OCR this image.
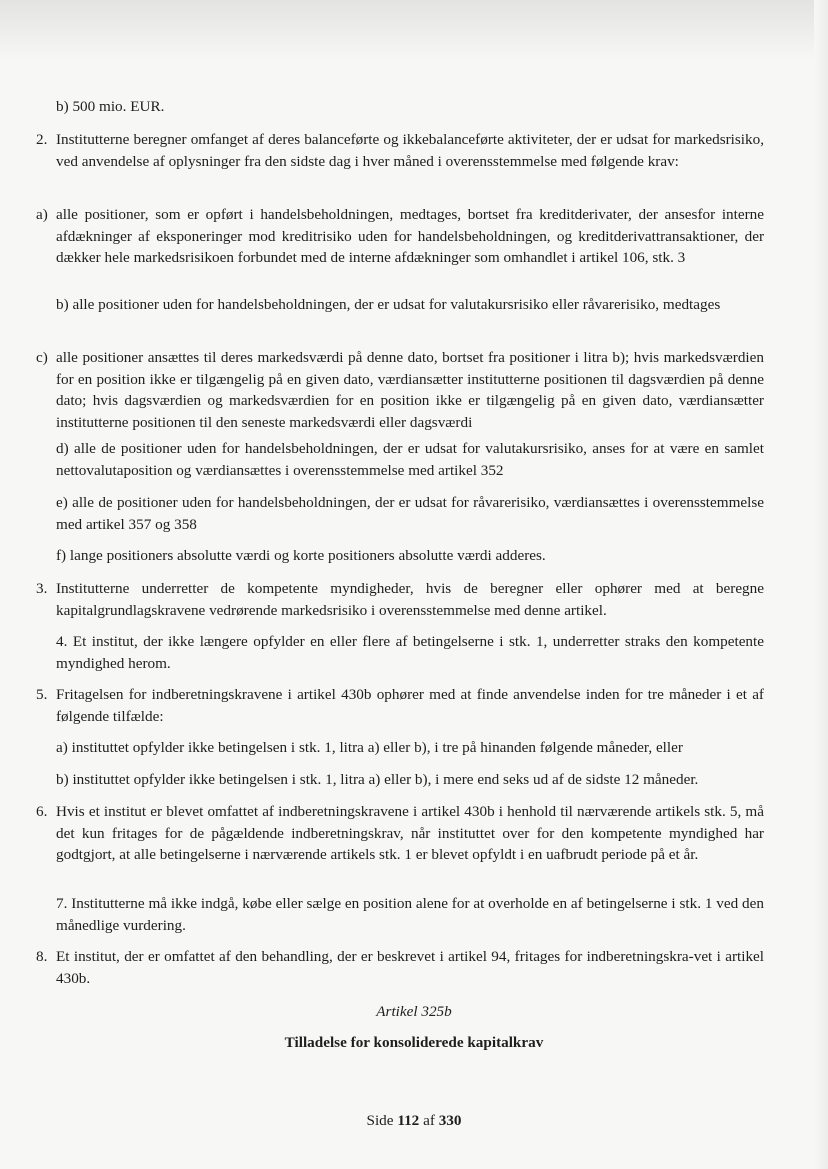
b) 500 mio. EUR.

2. Institutterne beregner omfanget af deres balanceførte og ikkebalanceførte aktiviteter, der er udsat for markedsrisiko, ved anvendelse af oplysninger fra den sidste dag i hver måned i overensstemmelse med følgende krav:
a) alle positioner, som er opført i handelsbeholdningen, medtages, bortset fra kreditderivater, der ansesfor interne afdækninger af eksponeringer mod kreditrisiko uden for handelsbeholdningen, og kreditderivattransaktioner, der dækker hele markedsrisikoen forbundet med de interne afdækninger som omhandlet i artikel 106, stk. 3

b) alle positioner uden for handelsbeholdningen, der er udsat for valutakursrisiko eller råvarerisiko, medtages

c) alle positioner ansættes til deres markedsværdi på denne dato, bortset fra positioner i litra b); hvis markedsværdien for en position ikke er tilgængelig på en given dato, værdiansætter institutterne positionen til dagsværdien på denne dato; hvis dagsværdien og markedsværdien for en position ikke er tilgængelig på en given dato, værdiansætter institutterne positionen til den seneste markedsværdi eller dagsværdi

d) alle de positioner uden for handelsbeholdningen, der er udsat for valutakursrisiko, anses for at være en samlet nettovalutaposition og værdiansættes i overensstemmelse med artikel 352

e) alle de positioner uden for handelsbeholdningen, der er udsat for råvarerisiko, værdiansættes i overensstemmelse med artikel 357 og 358

f) lange positioners absolutte værdi og korte positioners absolutte værdi adderes.

3. Institutterne underretter de kompetente myndigheder, hvis de beregner eller ophører med at beregne kapitalgrundlagskravene vedrørende markedsrisiko i overensstemmelse med denne artikel.

4. Et institut, der ikke længere opfylder en eller flere af betingelserne i stk. 1, underretter straks den kompetente myndighed herom.

5. Fritagelsen for indberetningskravene i artikel 430b ophører med at finde anvendelse inden for tre måneder i et af følgende tilfælde:

a) instituttet opfylder ikke betingelsen i stk. 1, litra a) eller b), i tre på hinanden følgende måneder, eller

b) instituttet opfylder ikke betingelsen i stk. 1, litra a) eller b), i mere end seks ud af de sidste 12 måneder.

6. Hvis et institut er blevet omfattet af indberetningskravene i artikel 430b i henhold til nærværende artikels stk. 5, må det kun fritages for de pågældende indberetningskrav, når instituttet over for den kompetente myndighed har godtgjort, at alle betingelserne i nærværende artikels stk. 1 er blevet opfyldt i en uafbrudt periode på et år.

7. Institutterne må ikke indgå, købe eller sælge en position alene for at overholde en af betingelserne i stk. 1 ved den månedlige vurdering.

8. Et institut, der er omfattet af den behandling, der er beskrevet i artikel 94, fritages for indberetningskra-vet i artikel 430b.
Artikel 325b
Tilladelse for konsoliderede kapitalkrav
Side 112 af 330
